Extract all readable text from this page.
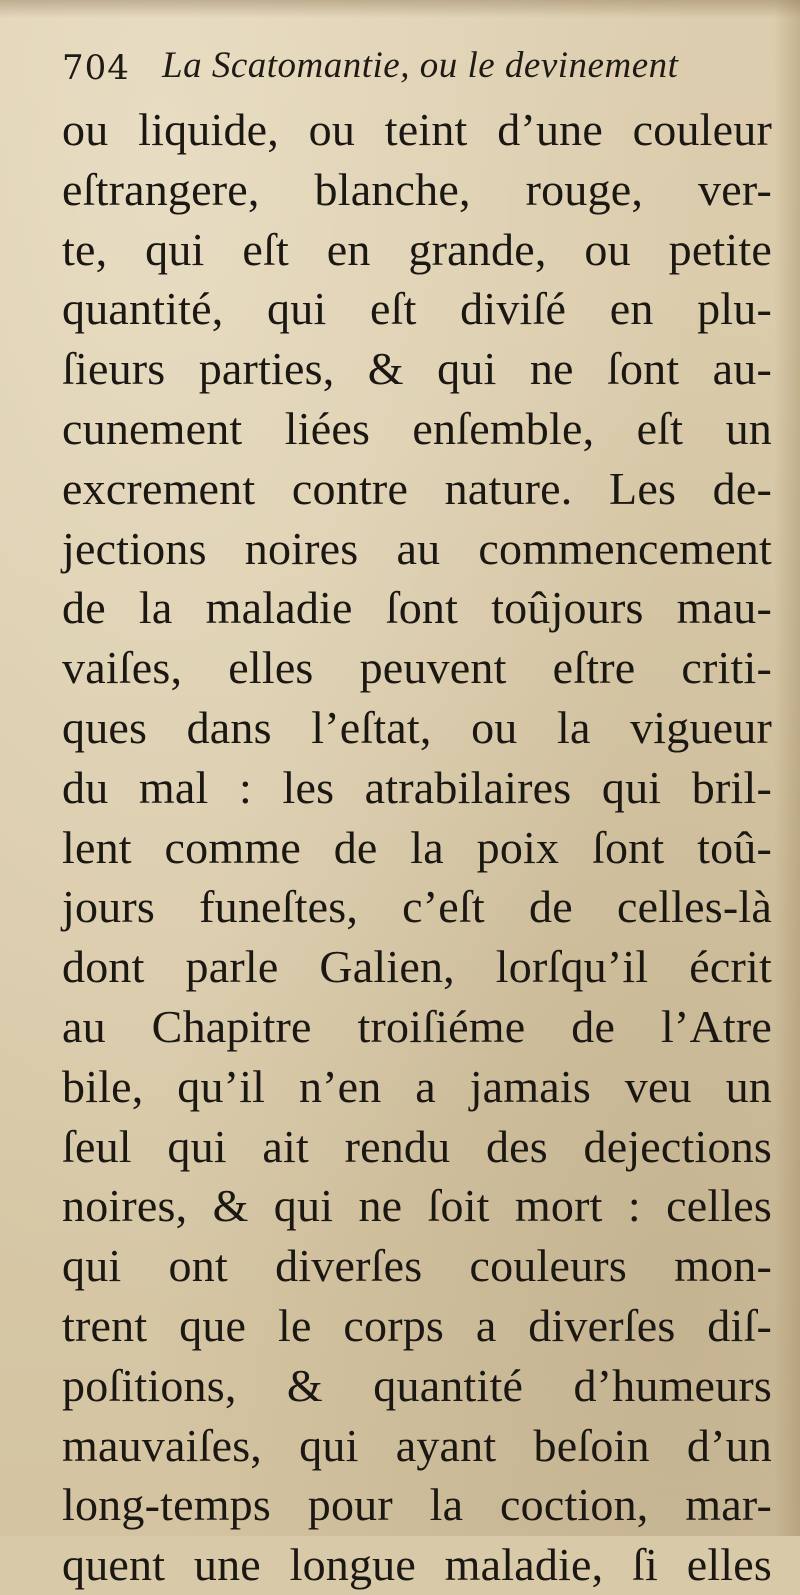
704 La Scatomantie, ou le devinement
ou liquide, ou teint d’une couleur
eſtrangere, blanche, rouge, ver-
te, qui eſt en grande, ou petite
quantité, qui eſt diviſé en plu-
ſieurs parties, & qui ne ſont au-
cunement liées enſemble, eſt un
excrement contre nature. Les de-
jections noires au commencement
de la maladie ſont toûjours mau-
vaiſes, elles peuvent eſtre criti-
ques dans l’eſtat, ou la vigueur
du mal : les atrabilaires qui bril-
lent comme de la poix ſont toû-
jours funeſtes, c’eſt de celles-là
dont parle Galien, lorſqu’il écrit
au Chapitre troiſiéme de l’Atre
bile, qu’il n’en a jamais veu un
ſeul qui ait rendu des dejections
noires, & qui ne ſoit mort : celles
qui ont diverſes couleurs mon-
trent que le corps a diverſes diſ-
poſitions, & quantité d’humeurs
mauvaiſes, qui ayant beſoin d’un
long-temps pour la coction, mar-
quent une longue maladie, ſi elles
